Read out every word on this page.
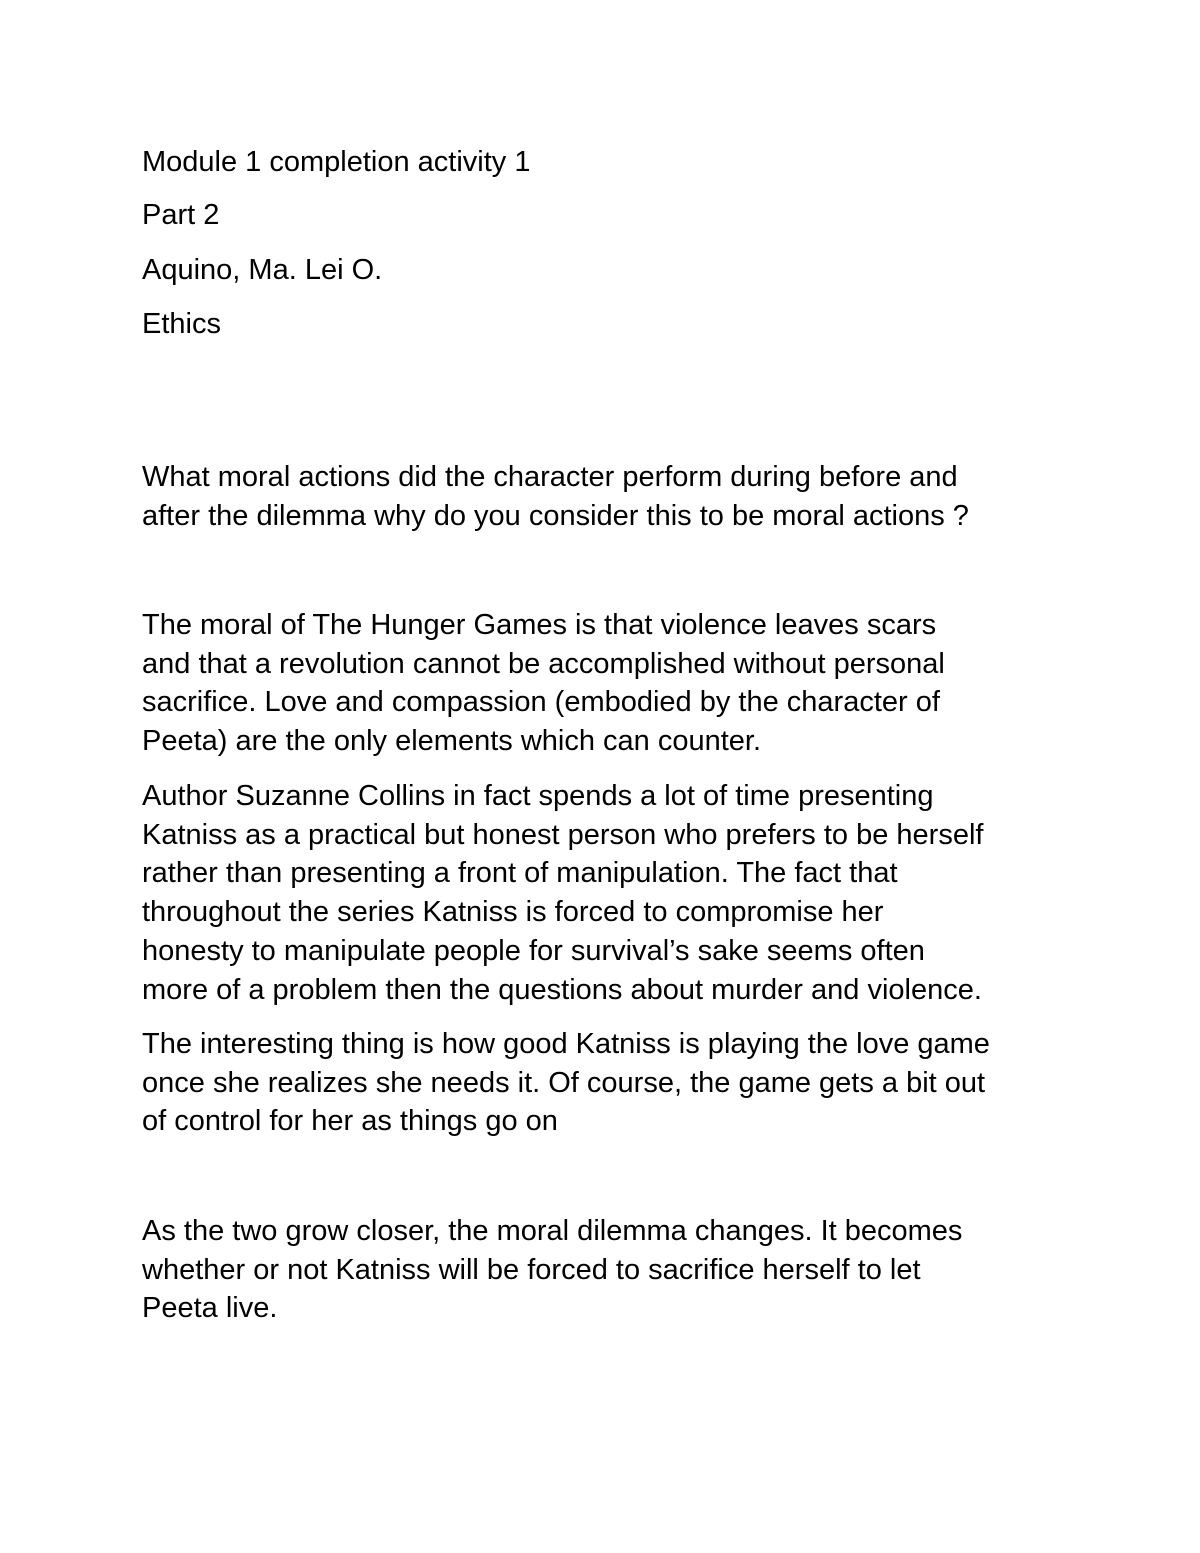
Module 1 completion activity 1

Part 2

Aquino, Ma. Lei O.

Ethics

What moral actions did the character perform during before and
after the dilemma why do you consider this to be moral actions ?
The moral of The Hunger Games is that violence leaves scars
and that a revolution cannot be accomplished without personal
sacrifice. Love and compassion (embodied by the character of
Peeta) are the only elements which can counter.
Author Suzanne Collins in fact spends a lot of time presenting
Katniss as a practical but honest person who prefers to be herself
rather than presenting a front of manipulation. The fact that
throughout the series Katniss is forced to compromise her
honesty to manipulate people for survival’s sake seems often
more of a problem then the questions about murder and violence.
The interesting thing is how good Katniss is playing the love game
once she realizes she needs it. Of course, the game gets a bit out
of control for her as things go on
As the two grow closer, the moral dilemma changes. It becomes
whether or not Katniss will be forced to sacrifice herself to let
Peeta live.
